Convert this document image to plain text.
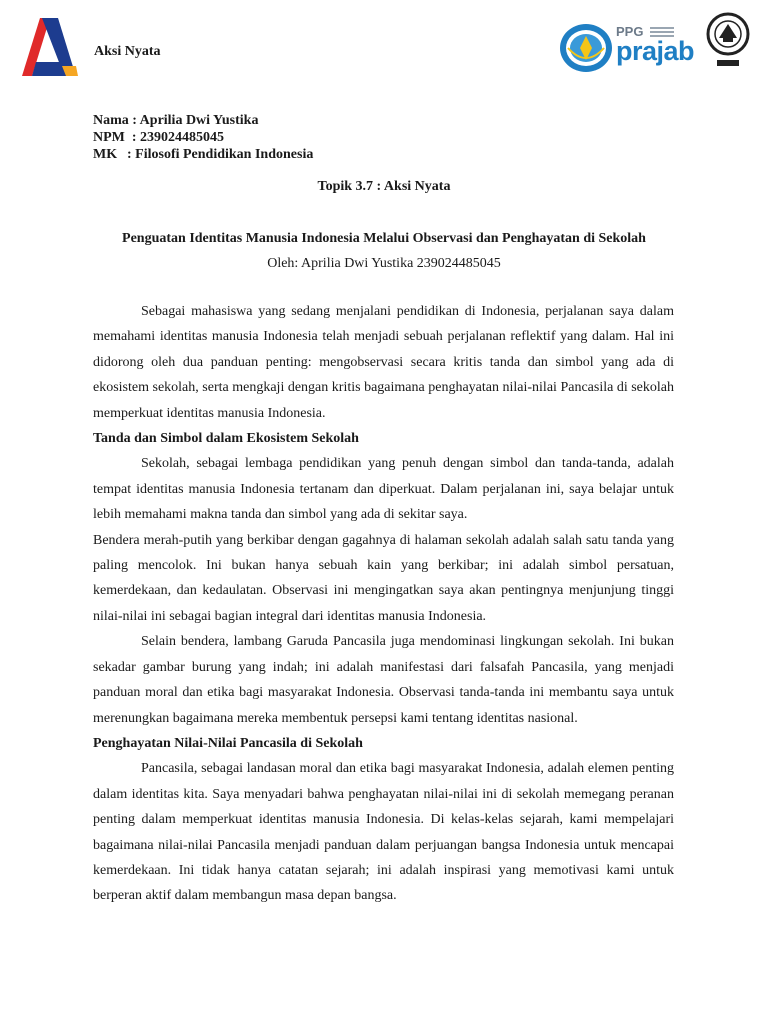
Aksi Nyata
PPG
prajab
Nama
: Aprilia Dwi Yustika
NPM
: 239024485045
MK : Filosofi Pendidikan Indonesia
Topik 3.7 : Aksi Nyata
Penguatan Identitas Manusia Indonesia Melalui Observasi dan Penghayatan di Sekolah
Oleh: Aprilia Dwi Yustika 239024485045

Sebagai mahasiswa yang sedang menjalani pendidikan di Indonesia, perjalanan saya dalam memahami identitas manusia Indonesia telah menjadi sebuah perjalanan reflektif yang dalam. Hal ini didorong oleh dua panduan penting: mengobservasi secara kritis tanda dan simbol yang ada di ekosistem sekolah, serta mengkaji dengan kritis bagaimana penghayatan nilai-nilai Pancasila di sekolah memperkuat identitas manusia Indonesia.

Tanda dan Simbol dalam Ekosistem Sekolah

Sekolah, sebagai lembaga pendidikan yang penuh dengan simbol dan tanda-tanda, adalah tempat identitas manusia Indonesia tertanam dan diperkuat. Dalam perjalanan ini, saya belajar untuk lebih memahami makna tanda dan simbol yang ada di sekitar saya.

Bendera merah-putih yang berkibar dengan gagahnya di halaman sekolah adalah salah satu tanda yang paling mencolok. Ini bukan hanya sebuah kain yang berkibar; ini adalah simbol persatuan, kemerdekaan, dan kedaulatan. Observasi ini mengingatkan saya akan pentingnya menjunjung tinggi nilai-nilai ini sebagai bagian integral dari identitas manusia Indonesia.

Selain bendera, lambang Garuda Pancasila juga mendominasi lingkungan sekolah. Ini bukan sekadar gambar burung yang indah; ini adalah manifestasi dari falsafah Pancasila, yang menjadi panduan moral dan etika bagi masyarakat Indonesia. Observasi tanda-tanda ini membantu saya untuk merenungkan bagaimana mereka membentuk persepsi kami tentang identitas nasional.

Penghayatan Nilai-Nilai Pancasila di Sekolah

Pancasila, sebagai landasan moral dan etika bagi masyarakat Indonesia, adalah elemen penting dalam identitas kita. Saya menyadari bahwa penghayatan nilai-nilai ini di sekolah memegang peranan penting dalam memperkuat identitas manusia Indonesia. Di kelas-kelas sejarah, kami mempelajari bagaimana nilai-nilai Pancasila menjadi panduan dalam perjuangan bangsa Indonesia untuk mencapai kemerdekaan. Ini tidak hanya catatan sejarah; ini adalah inspirasi yang memotivasi kami untuk berperan aktif dalam membangun masa depan bangsa.
